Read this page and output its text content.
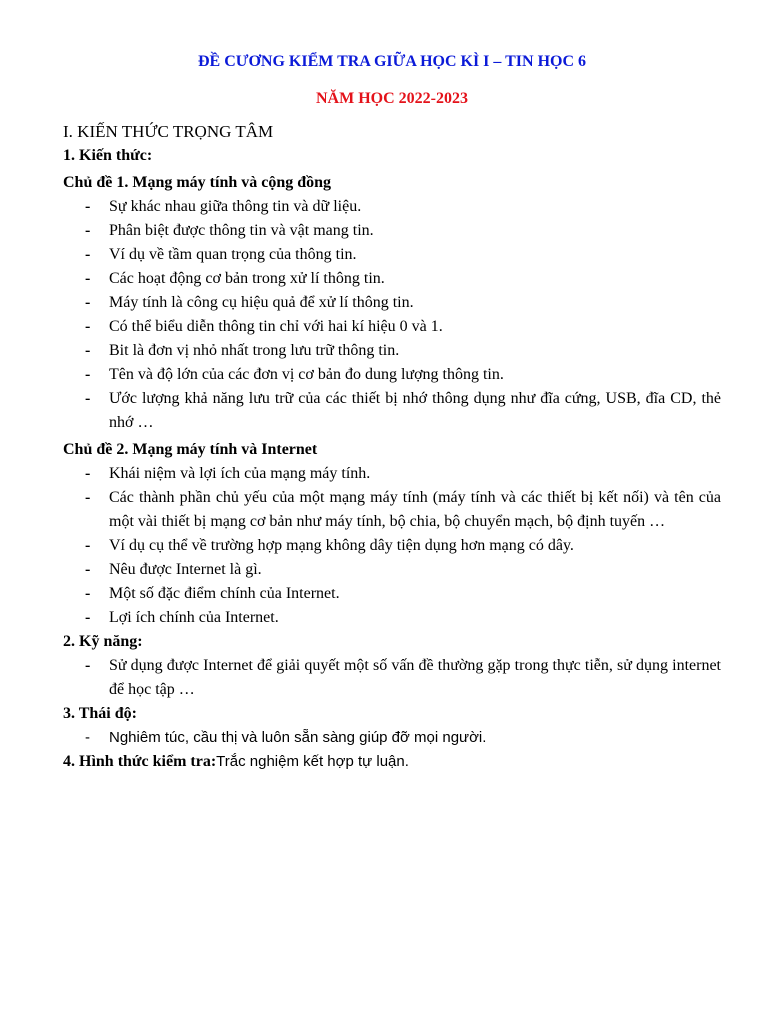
ĐỀ CƯƠNG KIỂM TRA GIỮA HỌC KÌ I – TIN HỌC 6
NĂM HỌC 2022-2023
I. KIẾN THỨC TRỌNG TÂM
1. Kiến thức:
Chủ đề 1. Mạng máy tính và cộng đồng
- Sự khác nhau giữa thông tin và dữ liệu.
- Phân biệt được thông tin và vật mang tin.
- Ví dụ về tầm quan trọng của thông tin.
- Các hoạt động cơ bản trong xử lí thông tin.
- Máy tính là công cụ hiệu quả để xử lí thông tin.
- Có thể biểu diễn thông tin chỉ với hai kí hiệu 0 và 1.
- Bit là đơn vị nhỏ nhất trong lưu trữ thông tin.
- Tên và độ lớn của các đơn vị cơ bản đo dung lượng thông tin.
- Ước lượng khả năng lưu trữ của các thiết bị nhớ thông dụng như đĩa cứng, USB, đĩa CD, thẻ nhớ …
Chủ đề 2. Mạng máy tính và Internet
- Khái niệm và lợi ích của mạng máy tính.
- Các thành phần chủ yếu của một mạng máy tính (máy tính và các thiết bị kết nối) và tên của một vài thiết bị mạng cơ bản như máy tính, bộ chia, bộ chuyển mạch, bộ định tuyến …
- Ví dụ cụ thể về trường hợp mạng không dây tiện dụng hơn mạng có dây.
- Nêu được Internet là gì.
- Một số đặc điểm chính của Internet.
- Lợi ích chính của Internet.
2. Kỹ năng:
- Sử dụng được Internet để giải quyết một số vấn đề thường gặp trong thực tiễn, sử dụng internet để học tập …
3. Thái độ:
- Nghiêm túc, cầu thị và luôn sẵn sàng giúp đỡ mọi người.
4. Hình thức kiểm tra:Trắc nghiệm kết hợp tự luận.
